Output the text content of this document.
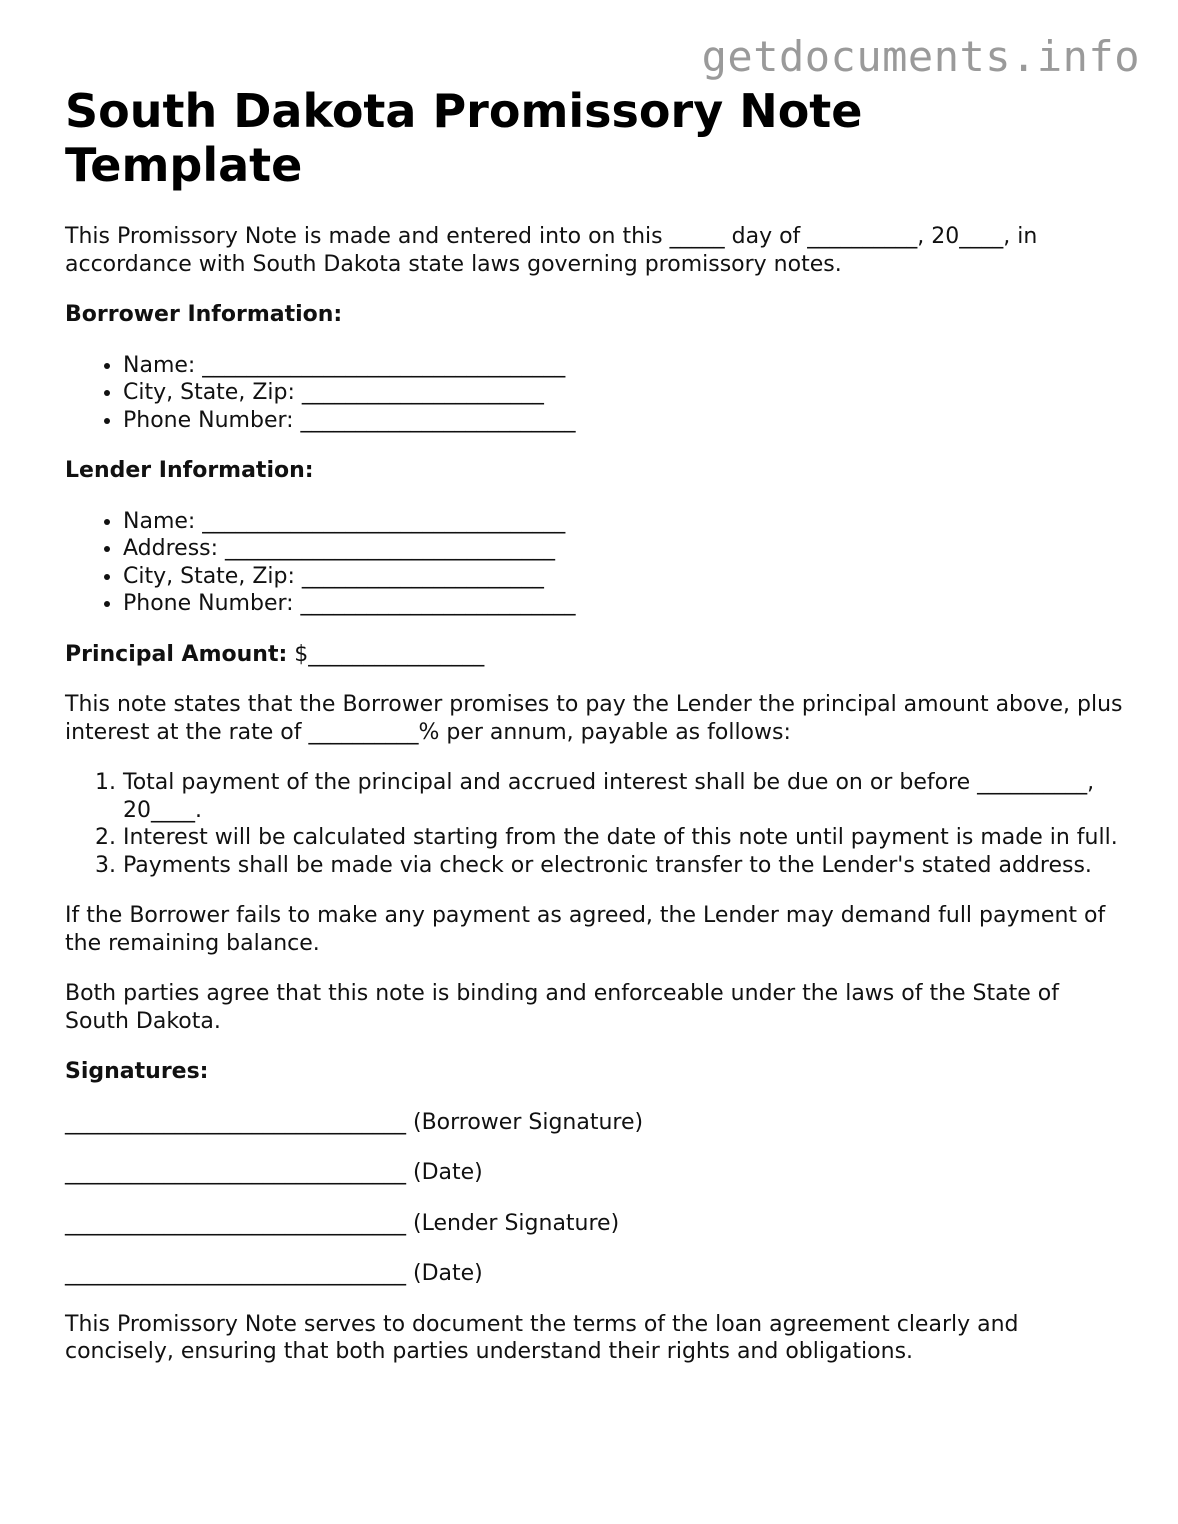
getdocuments.info
South Dakota Promissory Note Template

This Promissory Note is made and entered into on this _____ day of __________, 20____, in accordance with South Dakota state laws governing promissory notes.

Borrower Information:
• Name: _________________________________
• City, State, Zip: ______________________
• Phone Number: _________________________
Lender Information:
• Name: _________________________________
• Address: ______________________________
• City, State, Zip: ______________________
• Phone Number: _________________________

Principal Amount: $________________

This note states that the Borrower promises to pay the Lender the principal amount above, plus interest at the rate of __________% per annum, payable as follows:

1. Total payment of the principal and accrued interest shall be due on or before __________, 20____.
2. Interest will be calculated starting from the date of this note until payment is made in full.
3. Payments shall be made via check or electronic transfer to the Lender's stated address.

If the Borrower fails to make any payment as agreed, the Lender may demand full payment of the remaining balance.

Both parties agree that this note is binding and enforceable under the laws of the State of South Dakota.

Signatures:
_______________________________ (Borrower Signature)
_______________________________ (Date)
_______________________________ (Lender Signature)
_______________________________ (Date)

This Promissory Note serves to document the terms of the loan agreement clearly and concisely, ensuring that both parties understand their rights and obligations.
